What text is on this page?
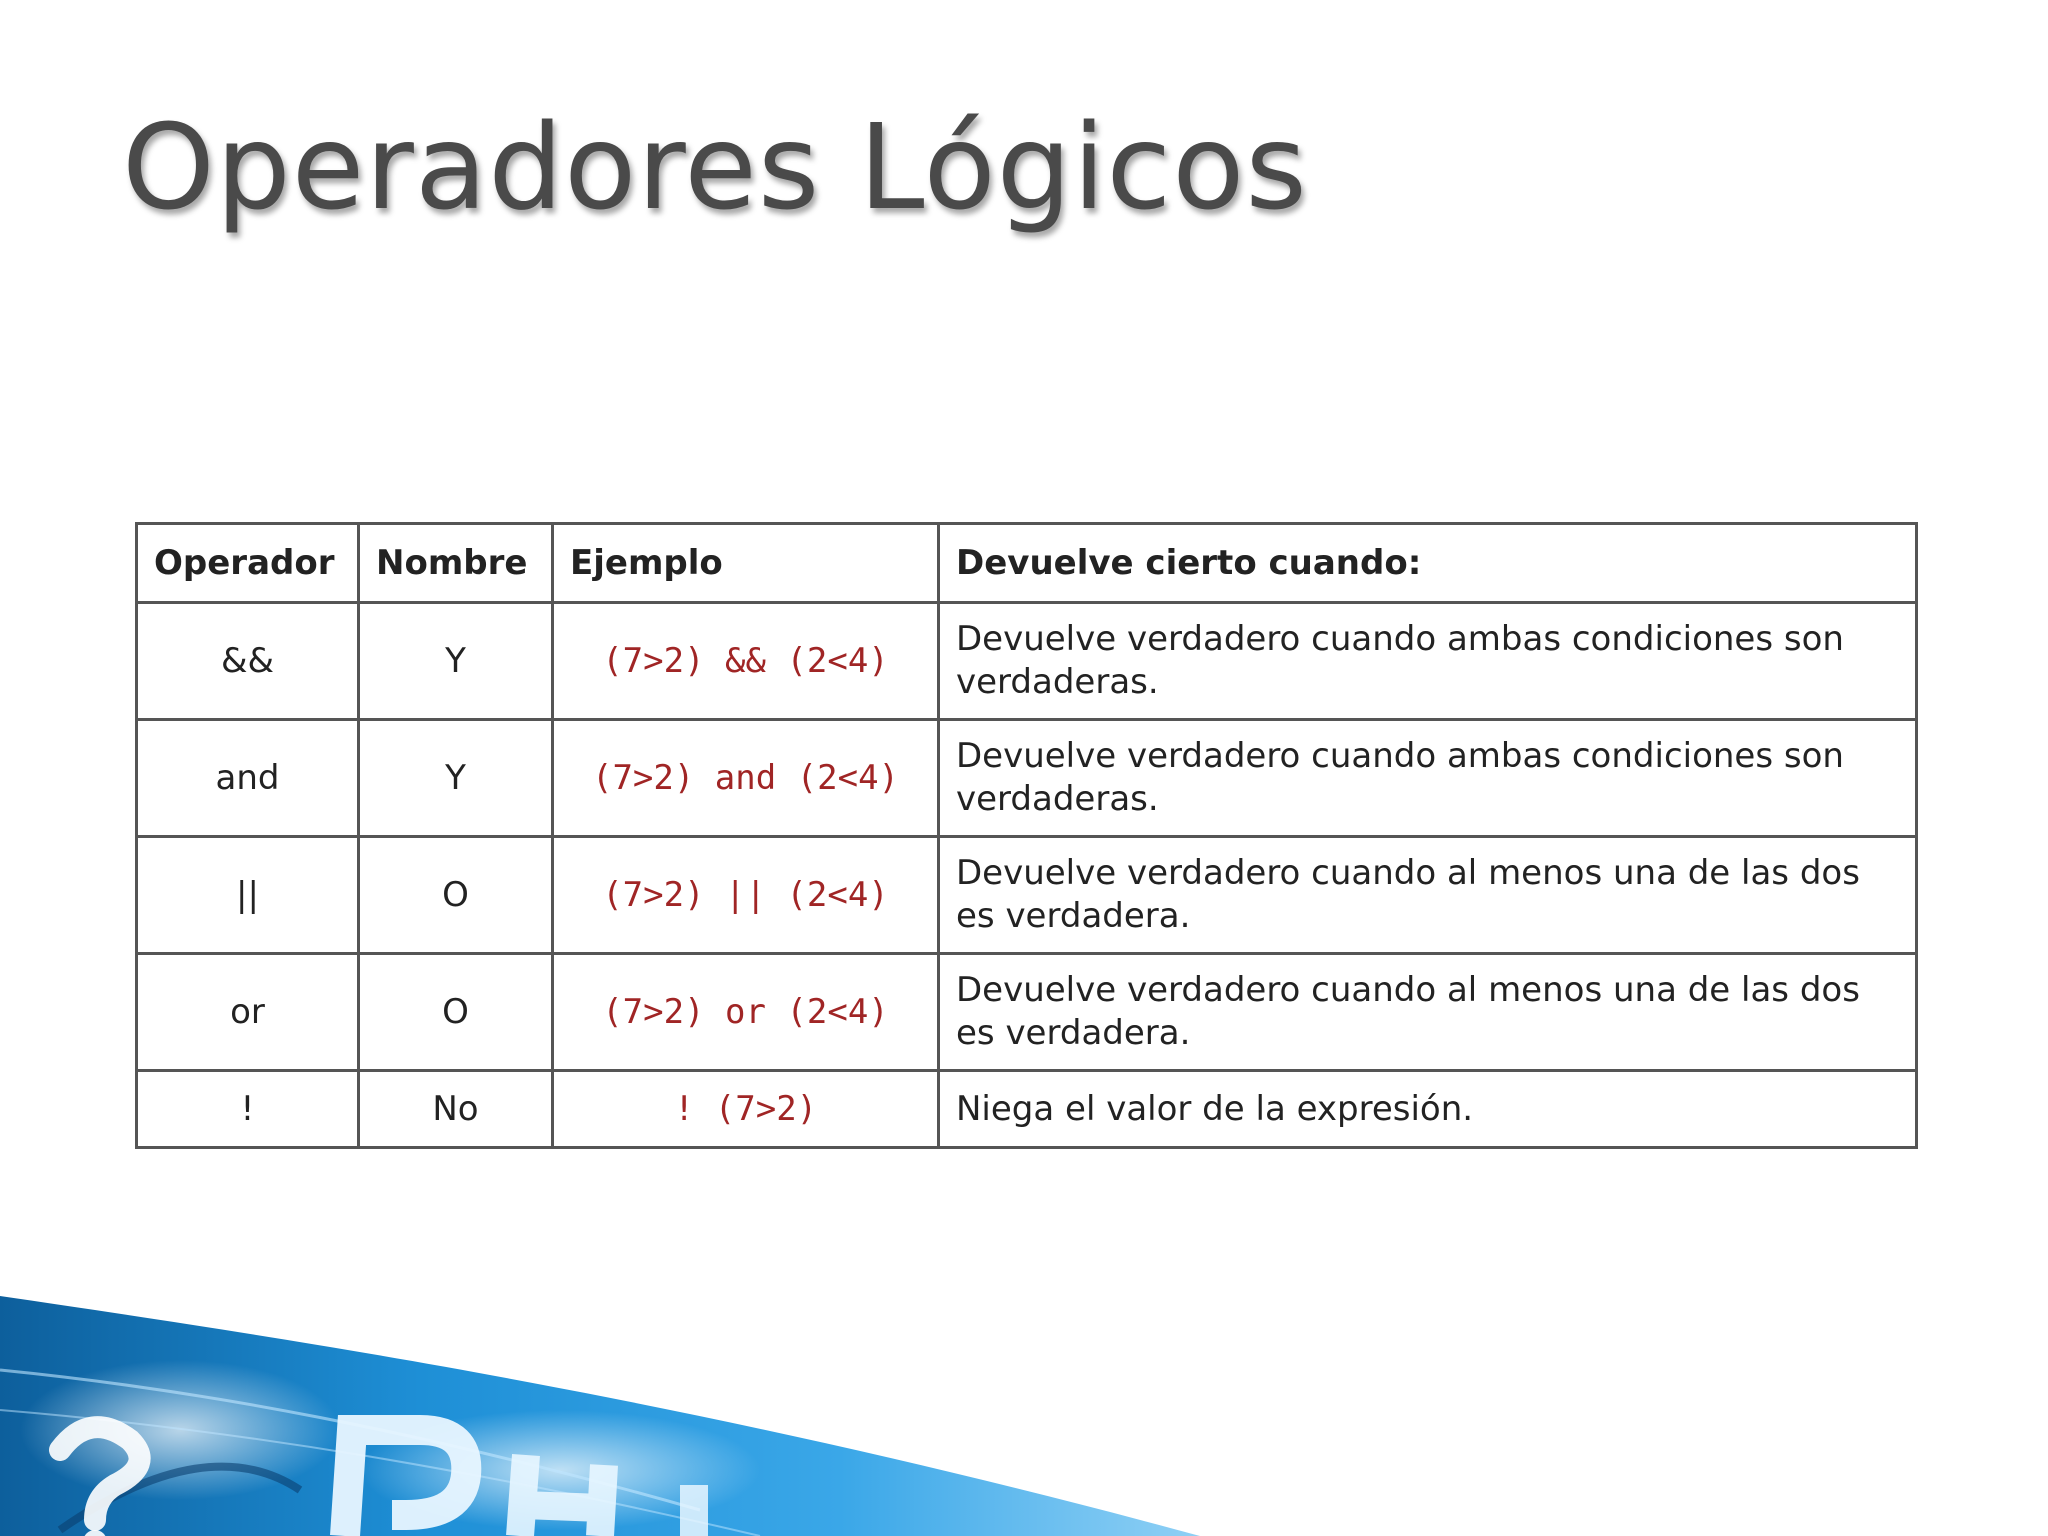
Operadores Lógicos
Operador	Nombre	Ejemplo	Devuelve cierto cuando:
&&	Y	(7>2) && (2<4)	Devuelve verdadero cuando ambas condiciones son verdaderas.
and	Y	(7>2) and (2<4)	Devuelve verdadero cuando ambas condiciones son verdaderas.
||	O	(7>2) || (2<4)	Devuelve verdadero cuando al menos una de las dos es verdadera.
or	O	(7>2) or (2<4)	Devuelve verdadero cuando al menos una de las dos es verdadera.
!	No	! (7>2)	Niega el valor de la expresión.
